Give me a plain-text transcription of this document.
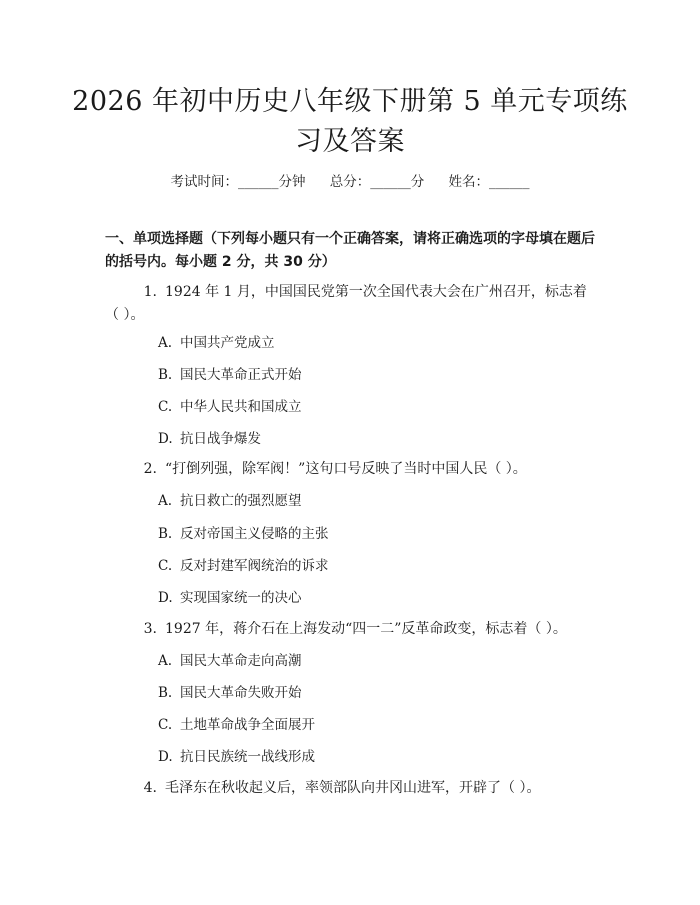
2026 年初中历史八年级下册第 5 单元专项练
习及答案
考试时间：______分钟 总分：______分 姓名：______
一、单项选择题（下列每小题只有一个正确答案，请将正确选项的字母填在题后的括号内。每小题 2 分，共 30 分）
1. 1924 年 1 月，中国国民党第一次全国代表大会在广州召开，标志着（ ）。
A. 中国共产党成立
B. 国民大革命正式开始
C. 中华人民共和国成立
D. 抗日战争爆发
2. “打倒列强，除军阀！”这句口号反映了当时中国人民（ ）。
A. 抗日救亡的强烈愿望
B. 反对帝国主义侵略的主张
C. 反对封建军阀统治的诉求
D. 实现国家统一的决心
3. 1927 年，蒋介石在上海发动“四一二”反革命政变，标志着（ ）。
A. 国民大革命走向高潮
B. 国民大革命失败开始
C. 土地革命战争全面展开
D. 抗日民族统一战线形成
4. 毛泽东在秋收起义后，率领部队向井冈山进军，开辟了（ ）。
